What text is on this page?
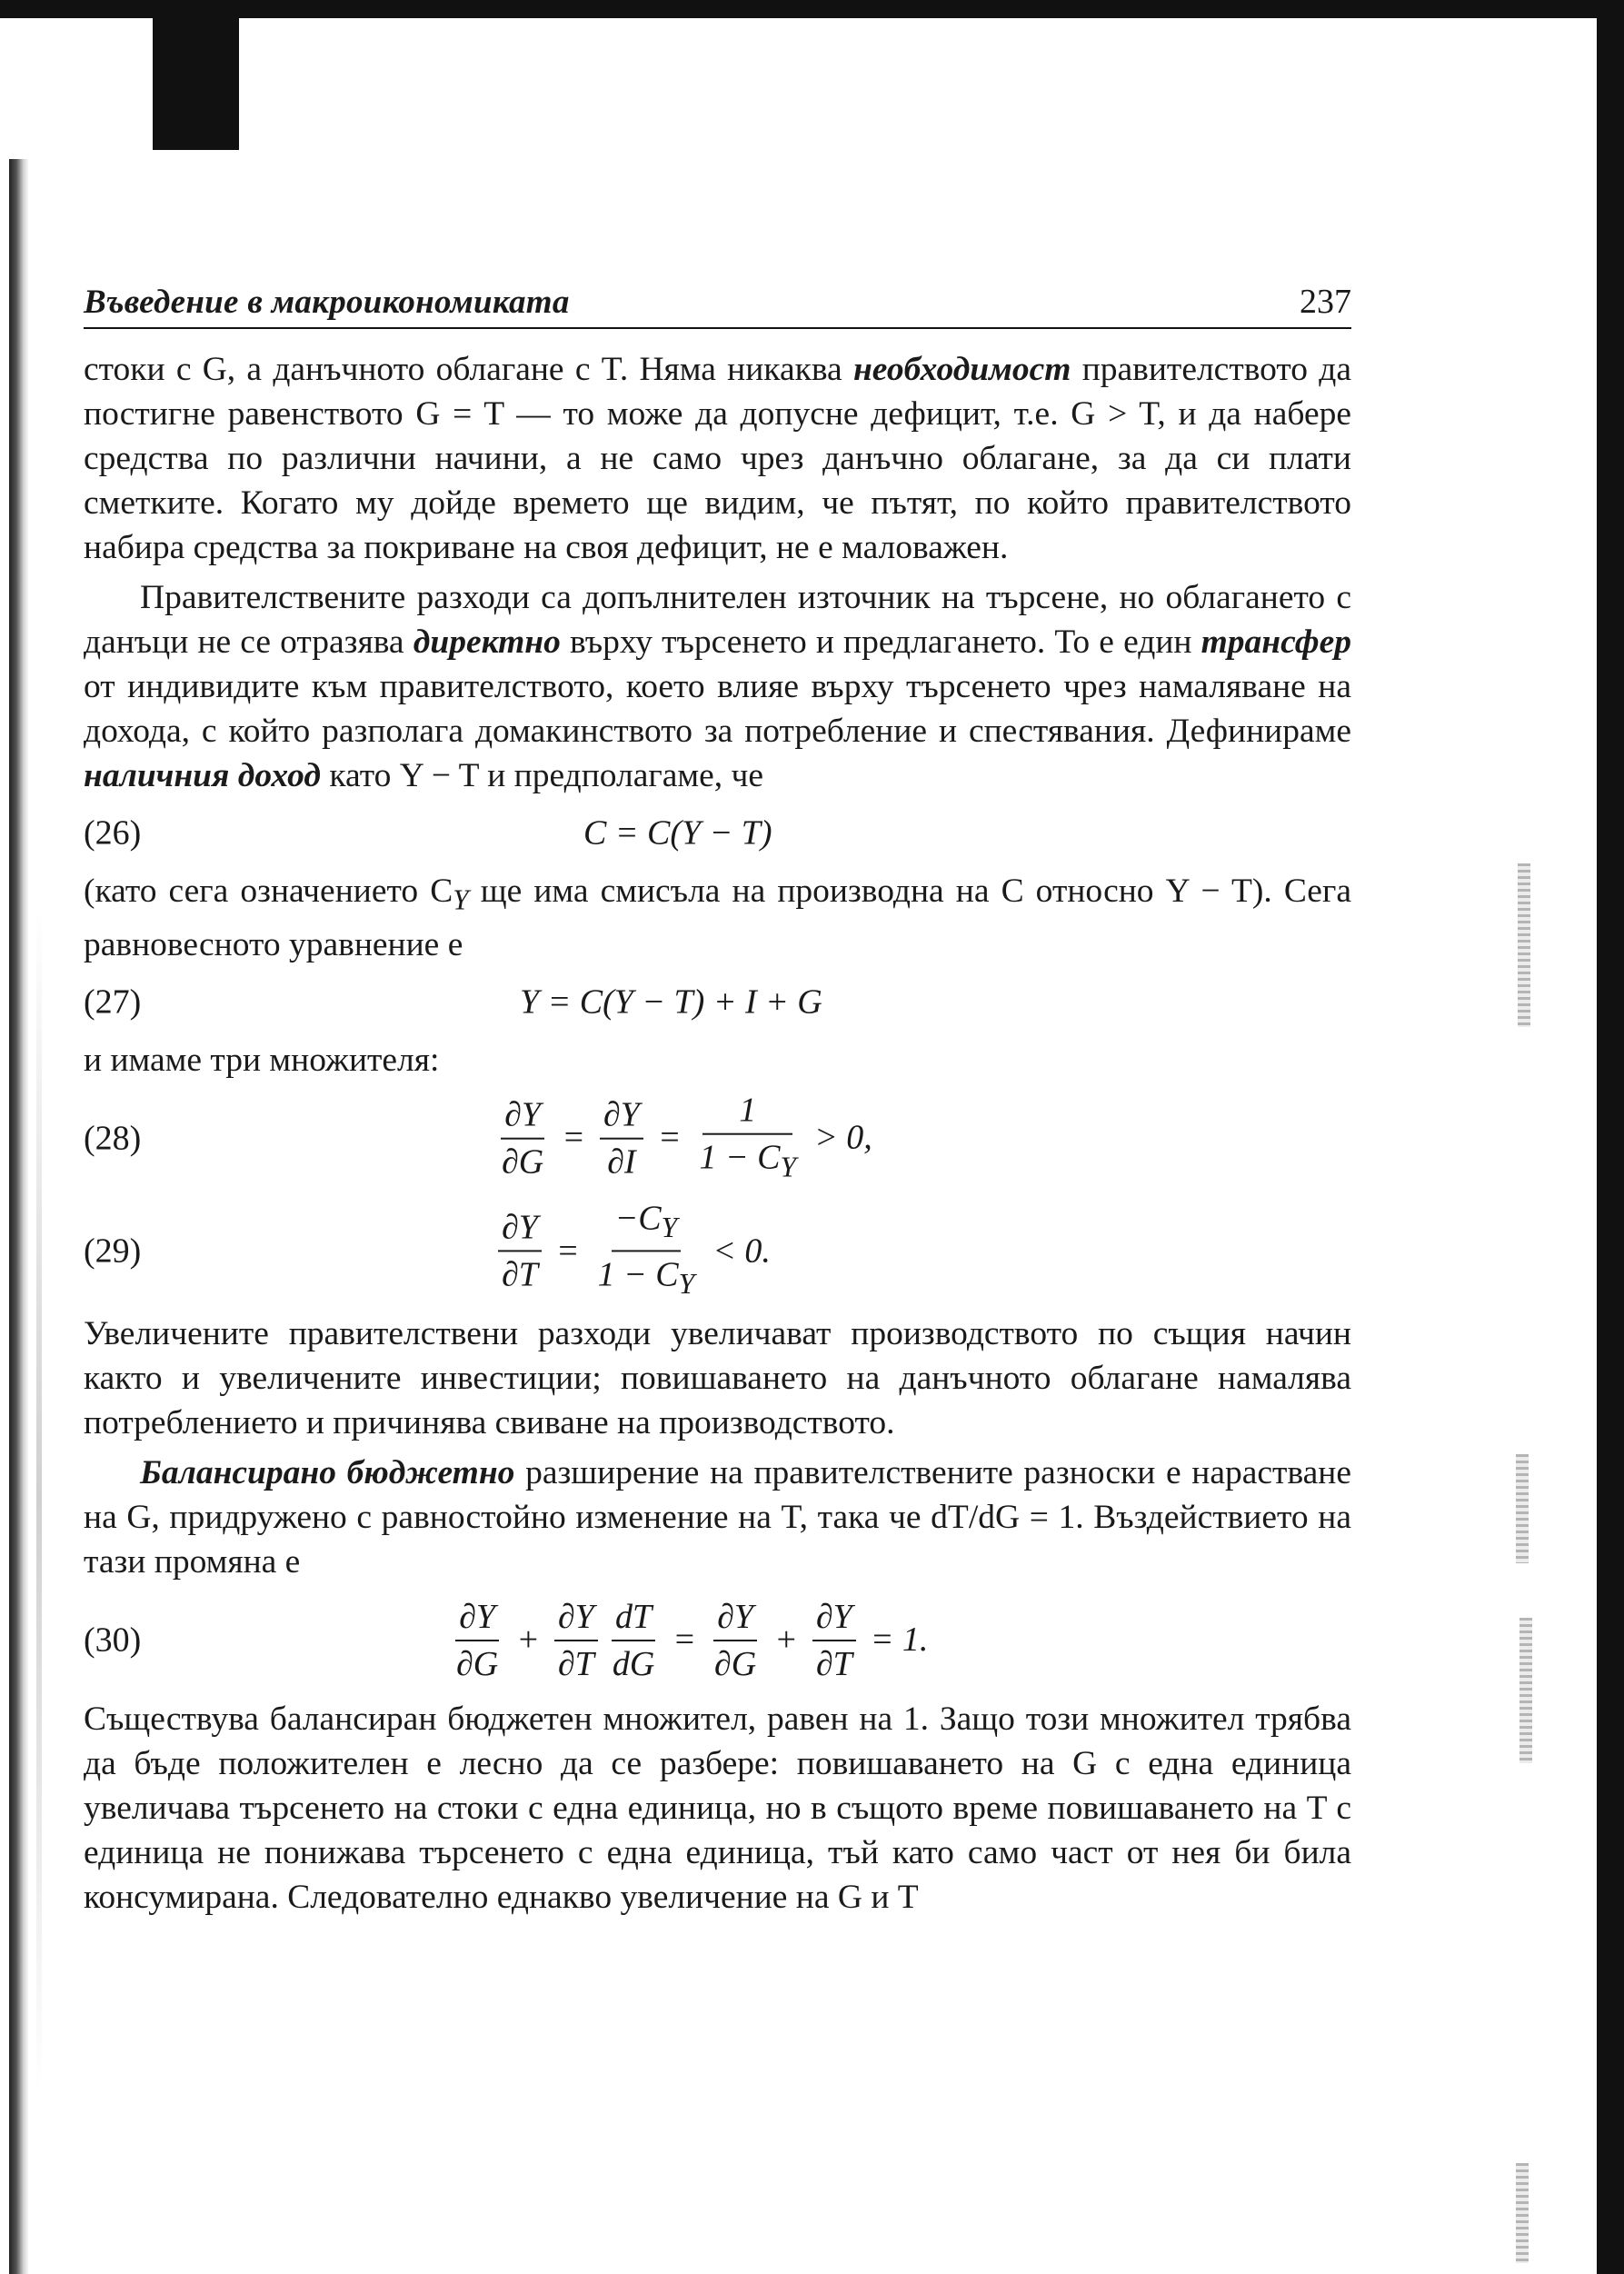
Въведение в макроикономиката	237

стоки с G, а данъчното облагане с T. Няма никаква необходимост правителството да постигне равенството G = T — то може да допусне дефицит, т.е. G > T, и да набере средства по различни начини, а не само чрез данъчно облагане, за да си плати сметките. Когато му дойде времето ще видим, че пътят, по който правителството набира средства за покриване на своя дефицит, не е маловажен.

Правителствените разходи са допълнителен източник на търсене, но облагането с данъци не се отразява директно върху търсенето и предлагането. То е един трансфер от индивидите към правителството, което влияе върху търсенето чрез намаляване на дохода, с който разполага домакинството за потребление и спестявания. Дефинираме наличния доход като Y − T и предполагаме, че

(26)	C = C(Y − T)

(като сега означението $C_Y$ ще има смисъла на производна на C относно Y − T). Сега равновесното уравнение е

(27)	Y = C(Y − T) + I + G

и имаме три множителя:

(28)	$\frac{\partial Y}{\partial G} = \frac{\partial Y}{\partial I} = \frac{1}{1 - C_Y} > 0$,
(29)	$\frac{\partial Y}{\partial T} = \frac{-C_Y}{1 - C_Y} < 0$.

Увеличените правителствени разходи увеличават производството по същия начин както и увеличените инвестиции; повишаването на данъчното облагане намалява потреблението и причинява свиване на производството.

Балансирано бюджетно разширение на правителствените разноски е нарастване на G, придружено с равностойно изменение на T, така че dT/dG = 1. Въздействието на тази промяна е

(30)	$\frac{\partial Y}{\partial G} + \frac{\partial Y}{\partial T} \frac{dT}{dG} = \frac{\partial Y}{\partial G} + \frac{\partial Y}{\partial T} = 1$.

Съществува балансиран бюджетен множител, равен на 1. Защо този множител трябва да бъде положителен е лесно да се разбере: повишаването на G с една единица увеличава търсенето на стоки с една единица, но в същото време повишаването на T с единица не понижава търсенето с една единица, тъй като само част от нея би била консумирана. Следователно еднакво увеличение на G и T
